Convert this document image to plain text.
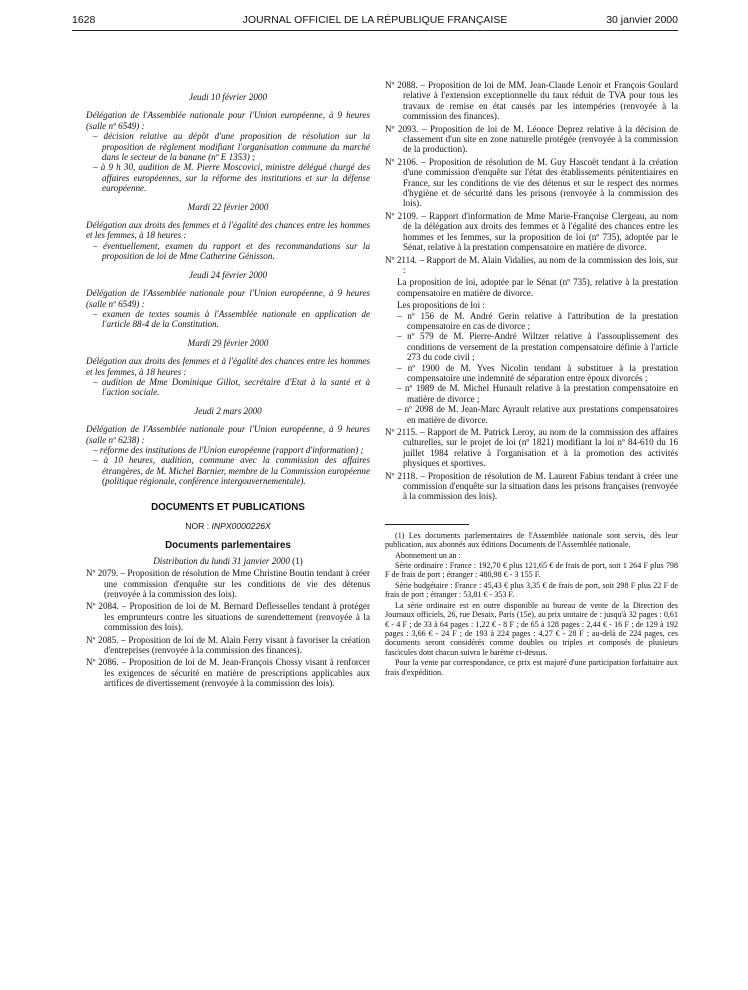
1628	JOURNAL OFFICIEL DE LA RÉPUBLIQUE FRANÇAISE	30 janvier 2000
Jeudi 10 février 2000
Délégation de l'Assemblée nationale pour l'Union européenne, à 9 heures (salle nº 6549) :
– décision relative au dépôt d'une proposition de résolution sur la proposition de règlement modifiant l'organisation commune du marché dans le secteur de la banane (nº E 1353) ;
– à 9 h 30, audition de M. Pierre Moscovici, ministre délégué chargé des affaires européennes, sur la réforme des institutions et sur la défense européenne.
Mardi 22 février 2000
Délégation aux droits des femmes et à l'égalité des chances entre les hommes et les femmes, à 18 heures :
– éventuellement, examen du rapport et des recommandations sur la proposition de loi de Mme Catherine Génisson.
Jeudi 24 février 2000
Délégation de l'Assemblée nationale pour l'Union européenne, à 9 heures (salle nº 6549) :
– examen de textes soumis à l'Assemblée nationale en application de l'article 88-4 de la Constitution.
Mardi 29 février 2000
Délégation aux droits des femmes et à l'égalité des chances entre les hommes et les femmes, à 18 heures :
– audition de Mme Dominique Gillot, secrétaire d'Etat à la santé et à l'action sociale.
Jeudi 2 mars 2000
Délégation de l'Assemblée nationale pour l'Union européenne, à 9 heures (salle nº 6238) :
– réforme des institutions de l'Union européenne (rapport d'information) ;
– à 10 heures, audition, commune avec la commission des affaires étrangères, de M. Michel Barnier, membre de la Commission européenne (politique régionale, conférence intergouvernementale).
DOCUMENTS ET PUBLICATIONS
NOR : INPX0000226X
Documents parlementaires
Distribution du lundi 31 janvier 2000 (1)
Nº 2079. – Proposition de résolution de Mme Christine Boutin tendant à créer une commission d'enquête sur les conditions de vie des détenus (renvoyée à la commission des lois).
Nº 2084. – Proposition de loi de M. Bernard Deflesselles tendant à protéger les emprunteurs contre les situations de surendettement (renvoyée à la commission des lois).
Nº 2085. – Proposition de loi de M. Alain Ferry visant à favoriser la création d'entreprises (renvoyée à la commission des finances).
Nº 2086. – Proposition de loi de M. Jean-François Chossy visant à renforcer les exigences de sécurité en matière de prescriptions applicables aux artifices de divertissement (renvoyée à la commission des lois).
Nº 2088. – Proposition de loi de MM. Jean-Claude Lenoir et François Goulard relative à l'extension exceptionnelle du taux réduit de TVA pour tous les travaux de remise en état causés par les intempéries (renvoyée à la commission des finances).
Nº 2093. – Proposition de loi de M. Léonce Deprez relative à la décision de classement d'un site en zone naturelle protégée (renvoyée à la commission de la production).
Nº 2106. – Proposition de résolution de M. Guy Hascoët tendant à la création d'une commission d'enquête sur l'état des établissements pénitentiaires en France, sur les conditions de vie des détenus et sur le respect des normes d'hygiène et de sécurité dans les prisons (renvoyée à la commission des lois).
Nº 2109. – Rapport d'information de Mme Marie-Françoise Clergeau, au nom de la délégation aux droits des femmes et à l'égalité des chances entre les hommes et les femmes, sur la proposition de loi (nº 735), adoptée par le Sénat, relative à la prestation compensatoire en matière de divorce.
Nº 2114. – Rapport de M. Alain Vidalies, au nom de la commission des lois, sur :
La proposition de loi, adoptée par le Sénat (nº 735), relative à la prestation compensatoire en matière de divorce.
Les propositions de loi :
– nº 156 de M. André Gerin relative à l'attribution de la prestation compensatoire en cas de divorce ;
– nº 579 de M. Pierre-André Wiltzer relative à l'assouplissement des conditions de versement de la prestation compensatoire définie à l'article 273 du code civil ;
– nº 1900 de M. Yves Nicolin tendant à substituer à la prestation compensatoire une indemnité de séparation entre époux divorcés ;
– nº 1989 de M. Michel Hunault relative à la prestation compensatoire en matière de divorce ;
– nº 2098 de M. Jean-Marc Ayrault relative aux prestations compensatoires en matière de divorce.
Nº 2115. – Rapport de M. Patrick Leroy, au nom de la commission des affaires culturelles, sur le projet de loi (nº 1821) modifiant la loi nº 84-610 du 16 juillet 1984 relative à l'organisation et à la promotion des activités physiques et sportives.
Nº 2118. – Proposition de résolution de M. Laurent Fabius tendant à créer une commission d'enquête sur la situation dans les prisons françaises (renvoyée à la commission des lois).
(1) Les documents parlementaires de l'Assemblée nationale sont servis, dès leur publication, aux abonnés aux éditions Documents de l'Assemblée nationale.
Abonnement un an :
Série ordinaire : France : 192,70 € plus 121,65 € de frais de port, soit 1 264 F plus 798 F de frais de port ; étranger : 480,98 € - 3 155 F.
Série budgétaire : France : 45,43 € plus 3,35 € de frais de port, soit 298 F plus 22 F de frais de port ; étranger : 53,81 € - 353 F.
La série ordinaire est en outre disponible au bureau de vente de la Direction des Journaux officiels, 26, rue Desaix, Paris (15e), au prix unitaire de : jusqu'à 32 pages : 0,61 € - 4 F ; de 33 à 64 pages : 1,22 € - 8 F ; de 65 à 128 pages : 2,44 € - 16 F ; de 129 à 192 pages : 3,66 € - 24 F ; de 193 à 224 pages : 4,27 € - 28 F ; au-delà de 224 pages, ces documents seront considérés comme doubles ou triples et composés de plusieurs fascicules dont chacun suivra le barème ci-dessus.
Pour la vente par correspondance, ce prix est majoré d'une participation forfaitaire aux frais d'expédition.
